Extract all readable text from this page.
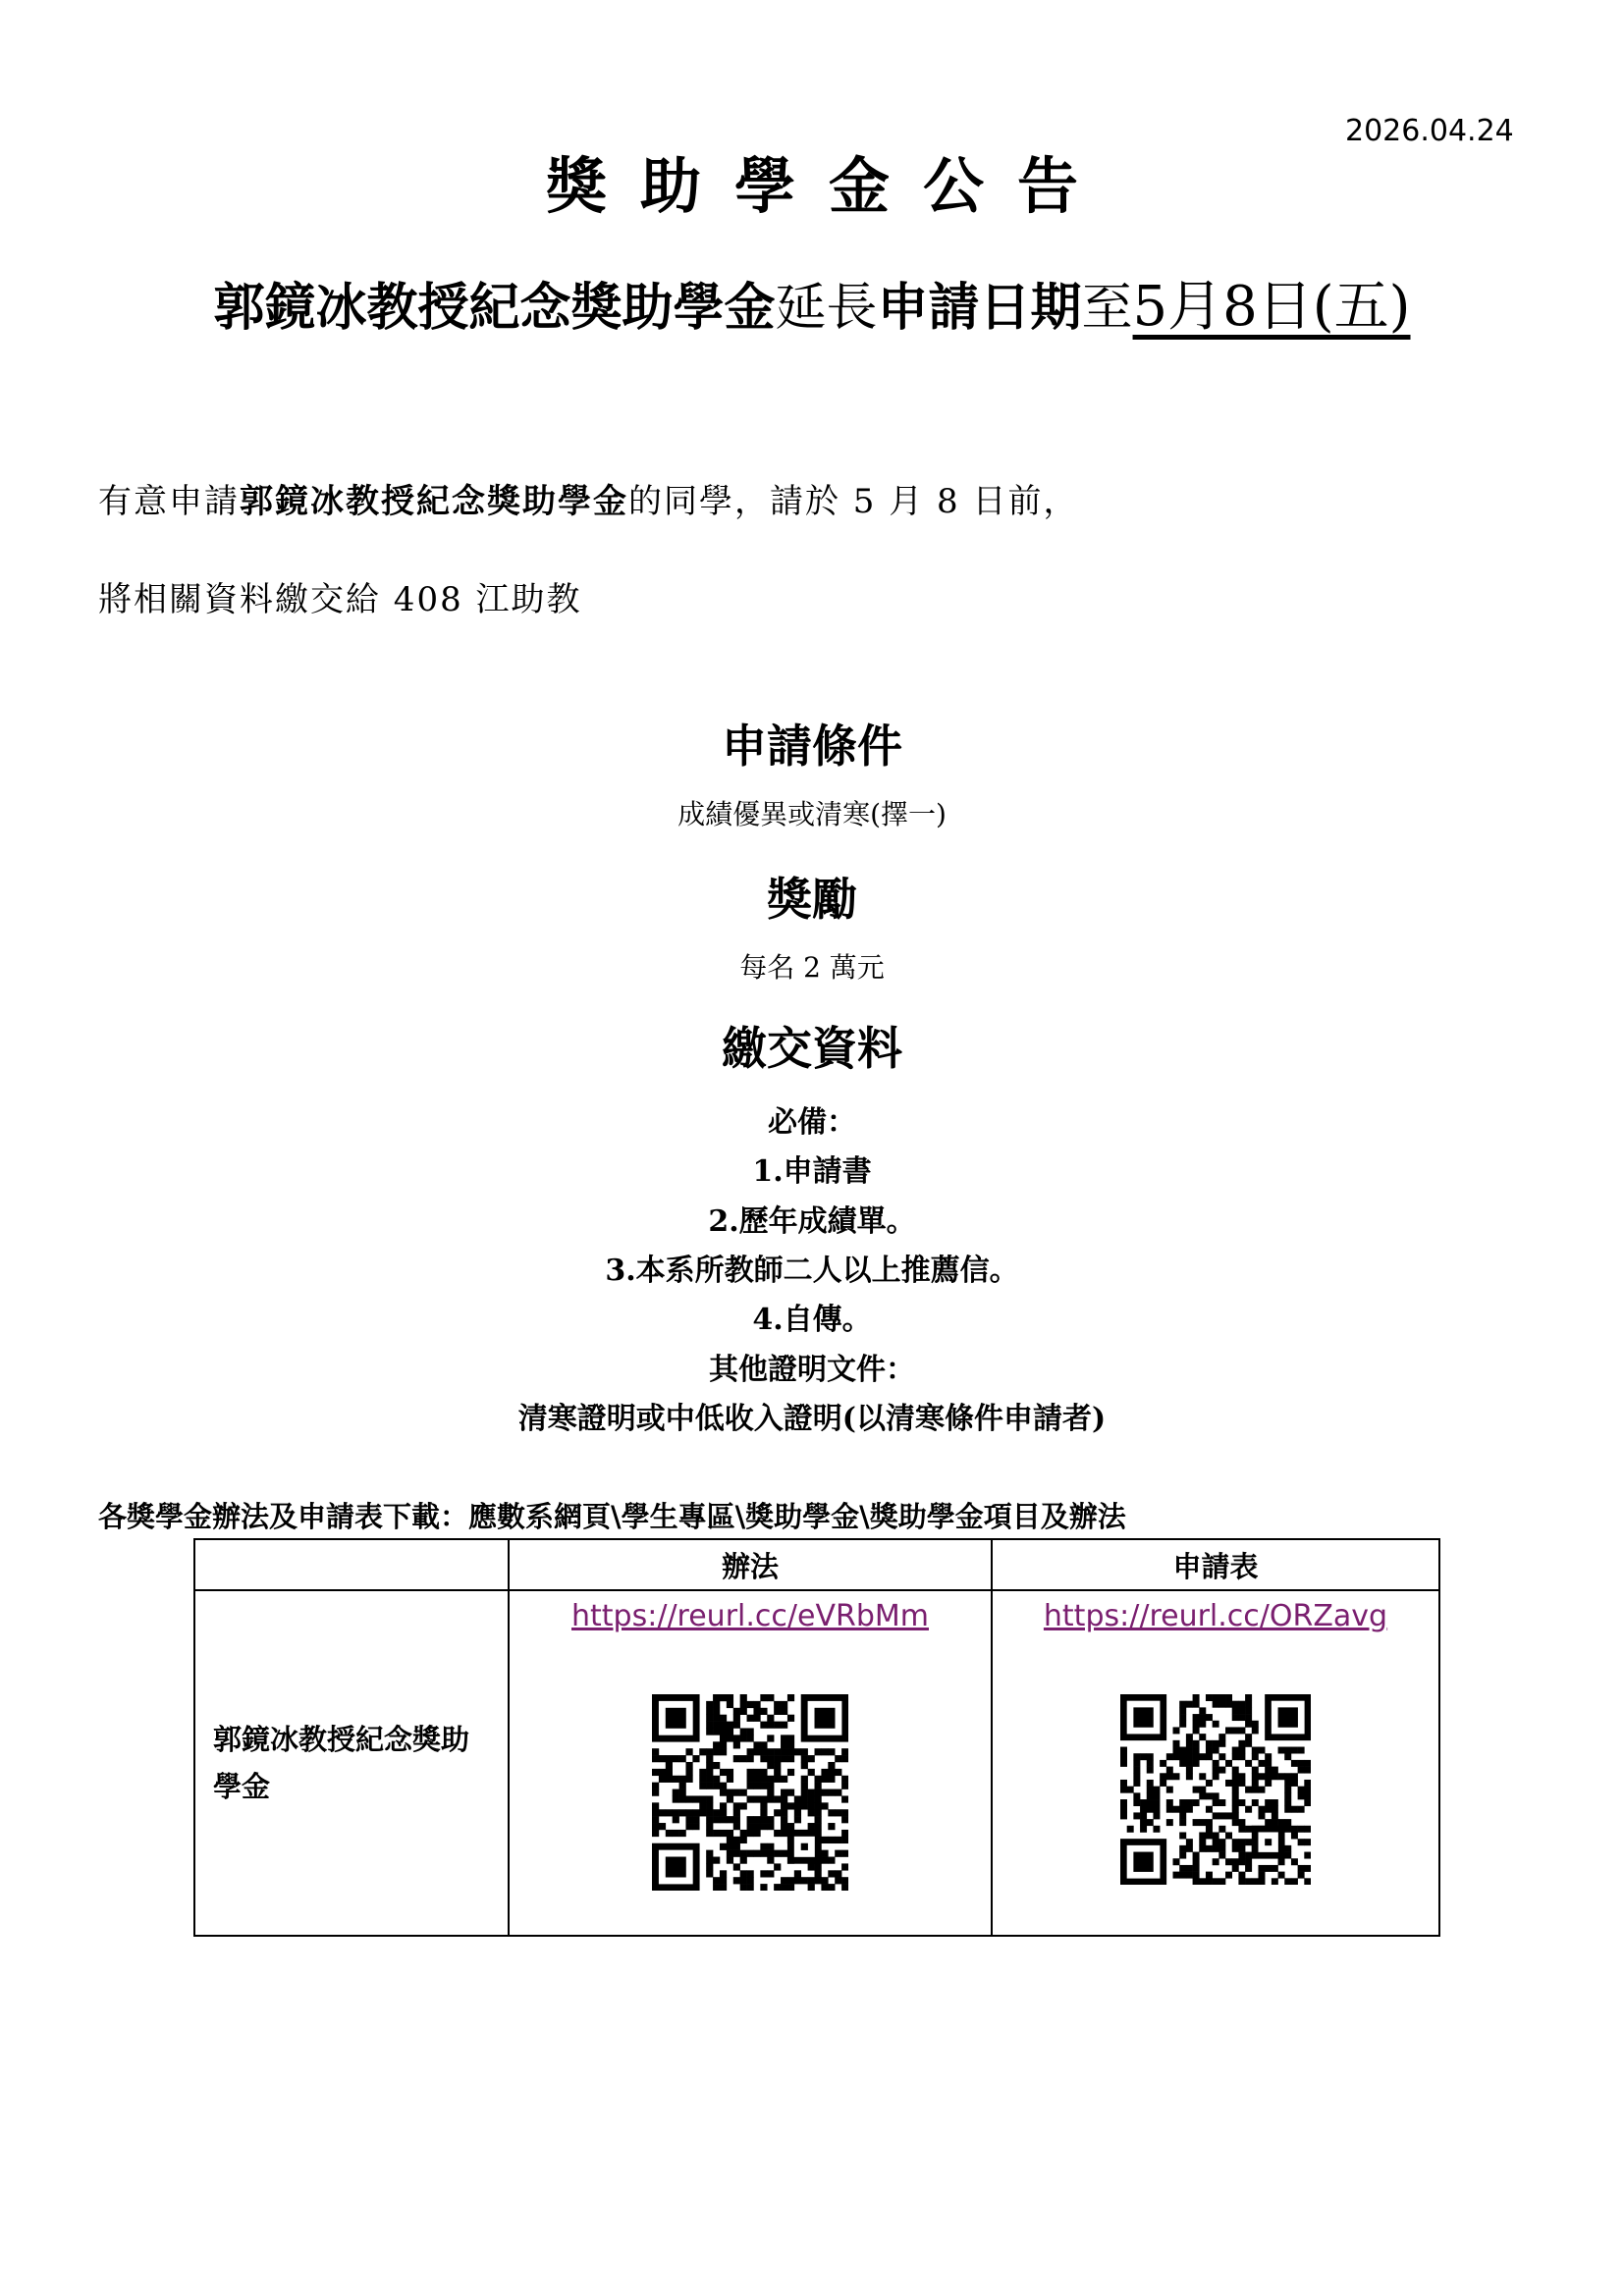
2026.04.24
獎助學金公告
郭鏡冰教授紀念獎助學金延長申請日期至5月8日(五)
有意申請郭鏡冰教授紀念獎助學金的同學，請於 5 月 8 日前，
將相關資料繳交給 408 江助教
申請條件
成績優異或清寒(擇一)
獎勵
每名 2 萬元
繳交資料
必備：
1.申請書
2.歷年成績單。
3.本系所教師二人以上推薦信。
4.自傳。
其他證明文件：
清寒證明或中低收入證明(以清寒條件申請者)
各獎學金辦法及申請表下載：應數系網頁\學生專區\獎助學金\獎助學金項目及辦法
	辦法	申請表

郭鏡冰教授紀念獎助學金	https://reurl.cc/eVRbMm	https://reurl.cc/ORZavg
